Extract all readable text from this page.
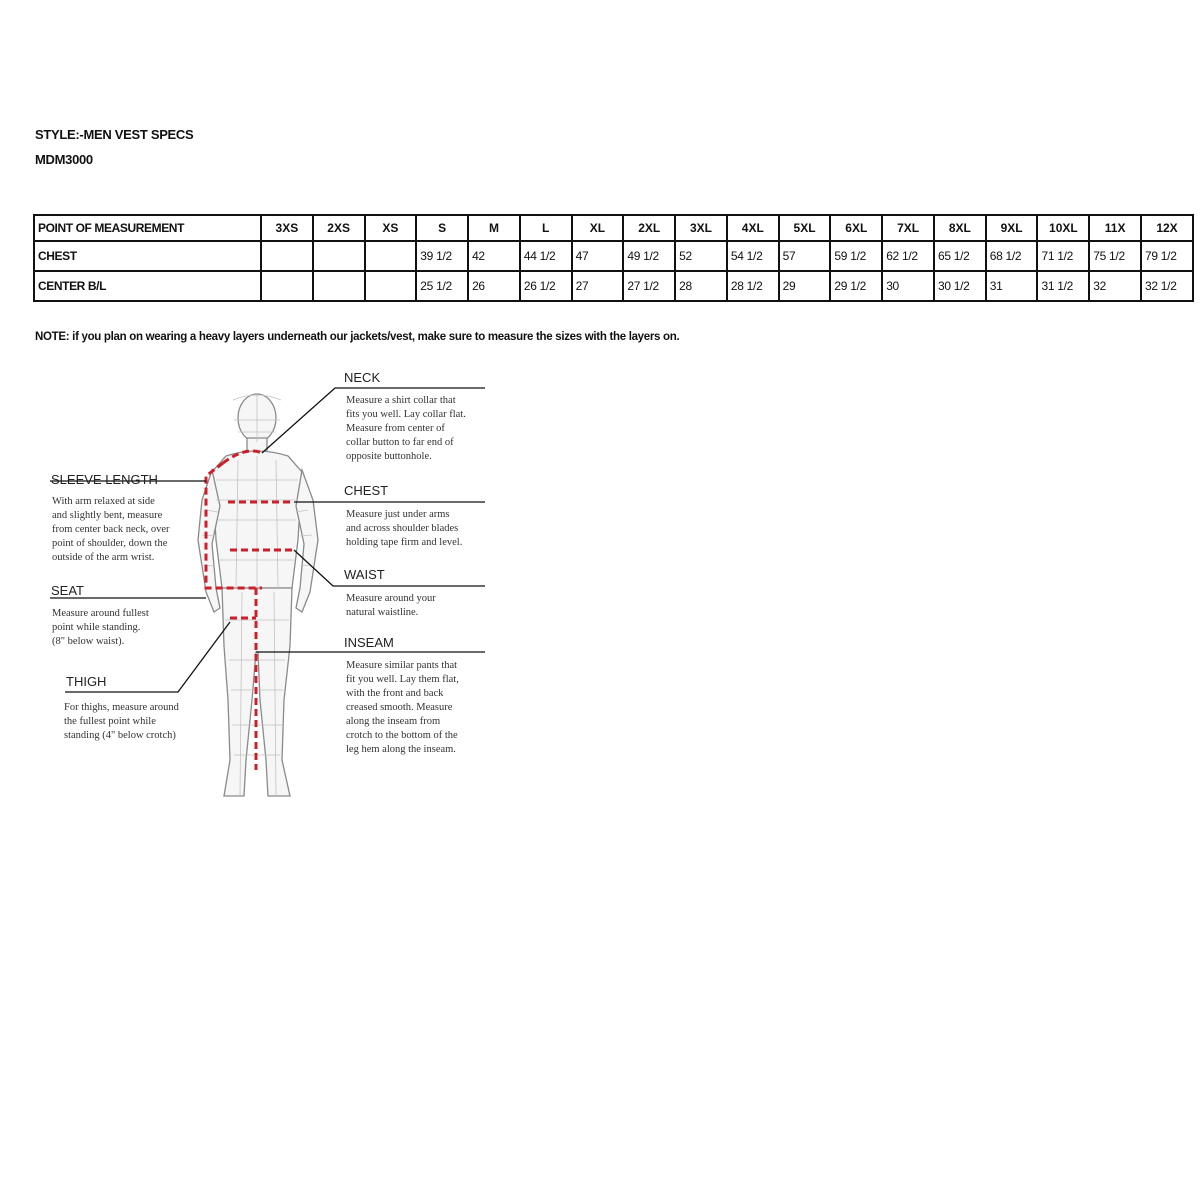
STYLE:-MEN VEST SPECS
MDM3000
POINT OF MEASUREMENT	3XS	2XS	XS	S	M	L	XL	2XL	3XL	4XL	5XL	6XL	7XL	8XL	9XL	10XL	11X	12X
CHEST				39 1/2	42	44 1/2	47	49 1/2	52	54 1/2	57	59 1/2	62 1/2	65 1/2	68 1/2	71 1/2	75 1/2	79 1/2
CENTER B/L				25 1/2	26	26 1/2	27	27 1/2	28	28 1/2	29	29 1/2	30	30 1/2	31	31 1/2	32	32 1/2
NOTE: if you plan on wearing a heavy layers underneath our jackets/vest, make sure to measure the sizes with the layers on.
NECK
Measure a shirt collar that
fits you well. Lay collar flat.
Measure from center of
collar button to far end of
opposite buttonhole.
CHEST
Measure just under arms
and across shoulder blades
holding tape firm and level.
WAIST
Measure around your
natural waistline.
INSEAM
Measure similar pants that
fit you well. Lay them flat,
with the front and back
creased smooth. Measure
along the inseam from
crotch to the bottom of the
leg hem along the inseam.
SLEEVE LENGTH
With arm relaxed at side
and slightly bent, measure
from center back neck, over
point of shoulder, down the
outside of the arm wrist.
SEAT
Measure around fullest
point while standing.
(8" below waist).
THIGH
For thighs, measure around
the fullest point while
standing (4" below crotch)
